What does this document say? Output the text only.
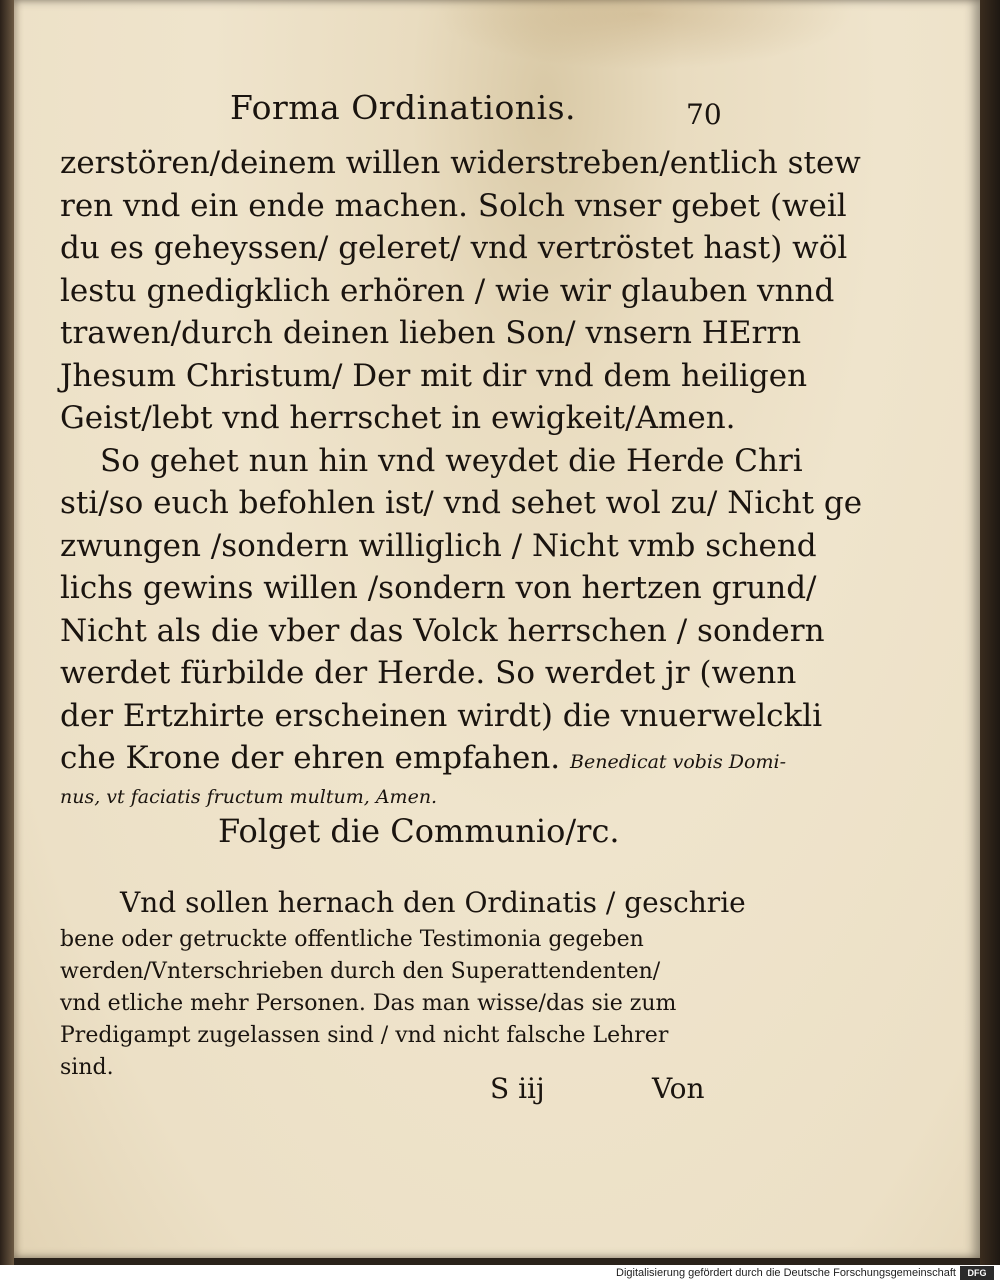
Forma Ordinationis.	70
zerstören/deinem willen widerstreben/entlich stew
ren vnd ein ende machen. Solch vnser gebet (weil
du es geheyssen/ geleret/ vnd vertröstet hast) wöl
lestu gnedigklich erhören / wie wir glauben vnnd
trawen/durch deinen lieben Son/ vnsern HErrn
Jhesum Christum/ Der mit dir vnd dem heiligen
Geist/lebt vnd herrschet in ewigkeit/Amen.
So gehet nun hin vnd weydet die Herde Chri
sti/so euch befohlen ist/ vnd sehet wol zu/ Nicht ge
zwungen /sondern williglich / Nicht vmb schend
lichs gewins willen /sondern von hertzen grund/
Nicht als die vber das Volck herrschen / sondern
werdet fürbilde der Herde. So werdet jr (wenn
der Ertzhirte erscheinen wirdt) die vnuerwelckli
che Krone der ehren empfahen. Benedicat vobis Domi-
nus, vt faciatis fructum multum, Amen.
Folget die Communio/rc.
Vnd sollen hernach den Ordinatis / geschrie
bene oder getruckte offentliche Testimonia gegeben
werden/Vnterschrieben durch den Superattendenten/
vnd etliche mehr Personen. Das man wisse/das sie zum
Predigampt zugelassen sind / vnd nicht falsche Lehrer
sind.
S iij	Von
Digitalisierung gefördert durch die Deutsche Forschungsgemeinschaft	DFG
